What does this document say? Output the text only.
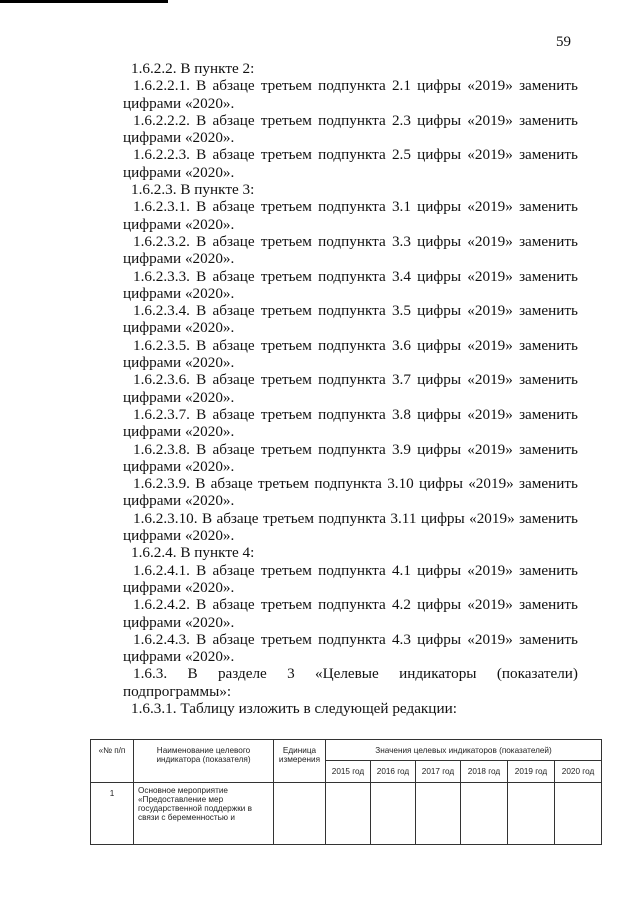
59
1.6.2.2. В пункте 2:
1.6.2.2.1. В абзаце третьем подпункта 2.1 цифры «2019» заменить
цифрами «2020».
1.6.2.2.2. В абзаце третьем подпункта 2.3 цифры «2019» заменить
цифрами «2020».
1.6.2.2.3. В абзаце третьем подпункта 2.5 цифры «2019» заменить
цифрами «2020».
1.6.2.3. В пункте 3:
1.6.2.3.1. В абзаце третьем подпункта 3.1 цифры «2019» заменить
цифрами «2020».
1.6.2.3.2. В абзаце третьем подпункта 3.3 цифры «2019» заменить
цифрами «2020».
1.6.2.3.3. В абзаце третьем подпункта 3.4 цифры «2019» заменить
цифрами «2020».
1.6.2.3.4. В абзаце третьем подпункта 3.5 цифры «2019» заменить
цифрами «2020».
1.6.2.3.5. В абзаце третьем подпункта 3.6 цифры «2019» заменить
цифрами «2020».
1.6.2.3.6. В абзаце третьем подпункта 3.7 цифры «2019» заменить
цифрами «2020».
1.6.2.3.7. В абзаце третьем подпункта 3.8 цифры «2019» заменить
цифрами «2020».
1.6.2.3.8. В абзаце третьем подпункта 3.9 цифры «2019» заменить
цифрами «2020».
1.6.2.3.9. В абзаце третьем подпункта 3.10 цифры «2019» заменить
цифрами «2020».
1.6.2.3.10. В абзаце третьем подпункта 3.11 цифры «2019» заменить
цифрами «2020».
1.6.2.4. В пункте 4:
1.6.2.4.1. В абзаце третьем подпункта 4.1 цифры «2019» заменить
цифрами «2020».
1.6.2.4.2. В абзаце третьем подпункта 4.2 цифры «2019» заменить
цифрами «2020».
1.6.2.4.3. В абзаце третьем подпункта 4.3 цифры «2019» заменить
цифрами «2020».
1.6.3. В разделе 3 «Целевые индикаторы (показатели)
подпрограммы»:
1.6.3.1. Таблицу изложить в следующей редакции:
«№ п/п	Наименование целевого индикатора (показателя)	Единица измерения	Значения целевых индикаторов (показателей)					
			2015 год	2016 год	2017 год	2018 год	2019 год	2020 год
1	Основное мероприятие «Предоставление мер государственной поддержки в связи с беременностью и							
